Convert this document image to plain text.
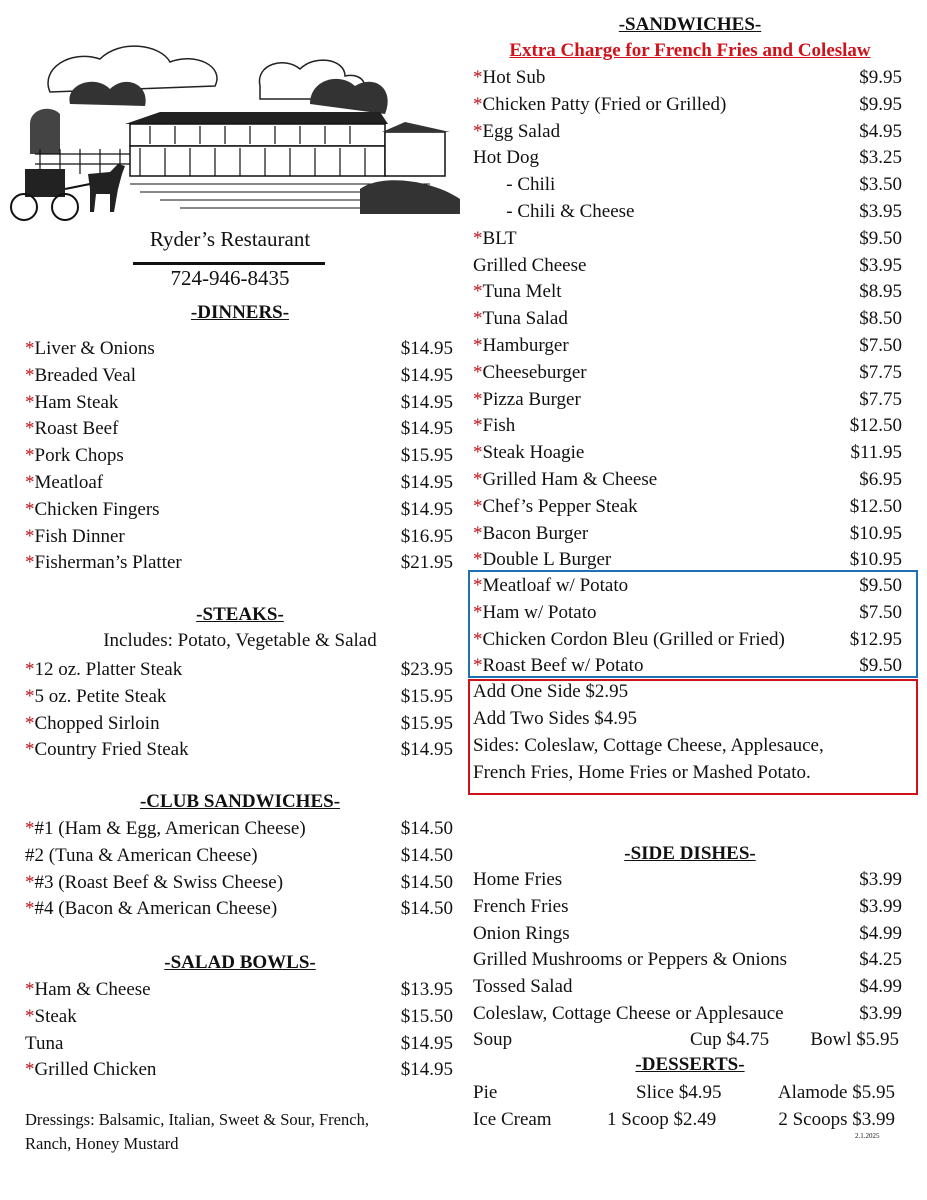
Ryder’s Restaurant
724-946-8435
-DINNERS-
*Liver & Onions	$14.95
*Breaded Veal	$14.95
*Ham Steak	$14.95
*Roast Beef	$14.95
*Pork Chops	$15.95
*Meatloaf	$14.95
*Chicken Fingers	$14.95
*Fish Dinner	$16.95
*Fisherman’s Platter	$21.95
-STEAKS-
Includes: Potato, Vegetable & Salad
*12 oz. Platter Steak	$23.95
*5 oz. Petite Steak	$15.95
*Chopped Sirloin	$15.95
*Country Fried Steak	$14.95
-CLUB SANDWICHES-
*#1 (Ham & Egg, American Cheese)	$14.50
#2 (Tuna & American Cheese)	$14.50
*#3 (Roast Beef & Swiss Cheese)	$14.50
*#4 (Bacon & American Cheese)	$14.50
-SALAD BOWLS-
*Ham & Cheese	$13.95
*Steak	$15.50
Tuna	$14.95
*Grilled Chicken	$14.95
Dressings: Balsamic, Italian, Sweet & Sour, French,
Ranch, Honey Mustard
-SANDWICHES-
Extra Charge for French Fries and Coleslaw
*Hot Sub	$9.95
*Chicken Patty (Fried or Grilled)	$9.95
*Egg Salad	$4.95
Hot Dog	$3.25
- Chili	$3.50
- Chili & Cheese	$3.95
*BLT	$9.50
Grilled Cheese	$3.95
*Tuna Melt	$8.95
*Tuna Salad	$8.50
*Hamburger	$7.50
*Cheeseburger	$7.75
*Pizza Burger	$7.75
*Fish	$12.50
*Steak Hoagie	$11.95
*Grilled Ham & Cheese	$6.95
*Chef’s Pepper Steak	$12.50
*Bacon Burger	$10.95
*Double L Burger	$10.95
*Meatloaf w/ Potato	$9.50
*Ham w/ Potato	$7.50
*Chicken Cordon Bleu (Grilled or Fried)	$12.95
*Roast Beef w/ Potato	$9.50
Add One Side $2.95
Add Two Sides $4.95
Sides: Coleslaw, Cottage Cheese, Applesauce,
French Fries, Home Fries or Mashed Potato.
-SIDE DISHES-
Home Fries	$3.99
French Fries	$3.99
Onion Rings	$4.99
Grilled Mushrooms or Peppers & Onions	$4.25
Tossed Salad	$4.99
Coleslaw, Cottage Cheese or Applesauce	$3.99
Soup	Cup $4.75 Bowl $5.95
-DESSERTS-
Pie	Slice $4.95	Alamode $5.95
Ice Cream	1 Scoop $2.49	2 Scoops $3.99
2.1.2025
